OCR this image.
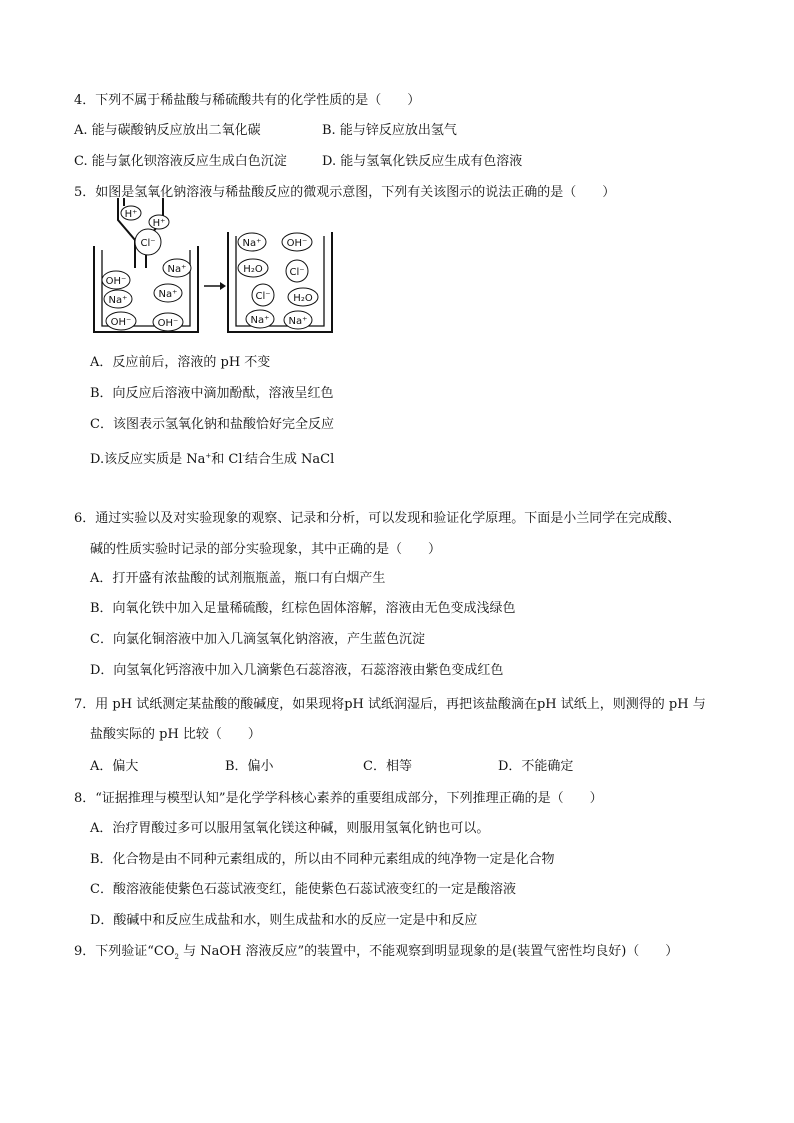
4．下列不属于稀盐酸与稀硫酸共有的化学性质的是（　　）
A. 能与碳酸钠反应放出二氧化碳	B. 能与锌反应放出氢气
C. 能与氯化钡溶液反应生成白色沉淀	D. 能与氢氧化铁反应生成有色溶液
5．如图是氢氧化钠溶液与稀盐酸反应的微观示意图，下列有关该图示的说法正确的是（　　）
H⁺
H⁺
Cl⁻
OH⁻
Na⁺
Na⁺
Na⁺
OH⁻	OH⁻
Na⁺	OH⁻
H₂O	Cl⁻
Cl⁻ H₂O
Na⁺ Na⁺
A．反应前后，溶液的 pH 不变
B．向反应后溶液中滴加酚酞，溶液呈红色
C．该图表示氢氧化钠和盐酸恰好完全反应
D.该反应实质是 Na+和 Cl-结合生成 NaCl
6．通过实验以及对实验现象的观察、记录和分析，可以发现和验证化学原理。下面是小兰同学在完成酸、
碱的性质实验时记录的部分实验现象，其中正确的是（　　）
A．打开盛有浓盐酸的试剂瓶瓶盖，瓶口有白烟产生
B．向氧化铁中加入足量稀硫酸，红棕色固体溶解，溶液由无色变成浅绿色
C．向氯化铜溶液中加入几滴氢氧化钠溶液，产生蓝色沉淀
D．向氢氧化钙溶液中加入几滴紫色石蕊溶液，石蕊溶液由紫色变成红色
7．用 pH 试纸测定某盐酸的酸碱度，如果现将pH 试纸润湿后，再把该盐酸滴在pH 试纸上，则测得的 pH 与
盐酸实际的 pH 比较（　　）
A．偏大	B．偏小	C．相等	D．不能确定
8．“证据推理与模型认知”是化学学科核心素养的重要组成部分，下列推理正确的是（　　）
A．治疗胃酸过多可以服用氢氧化镁这种碱，则服用氢氧化钠也可以。
B．化合物是由不同种元素组成的，所以由不同种元素组成的纯净物一定是化合物
C．酸溶液能使紫色石蕊试液变红，能使紫色石蕊试液变红的一定是酸溶液
D．酸碱中和反应生成盐和水，则生成盐和水的反应一定是中和反应
9．下列验证“$CO_2$ 与 NaOH 溶液反应”的装置中，不能观察到明显现象的是(装置气密性均良好)（　　）
